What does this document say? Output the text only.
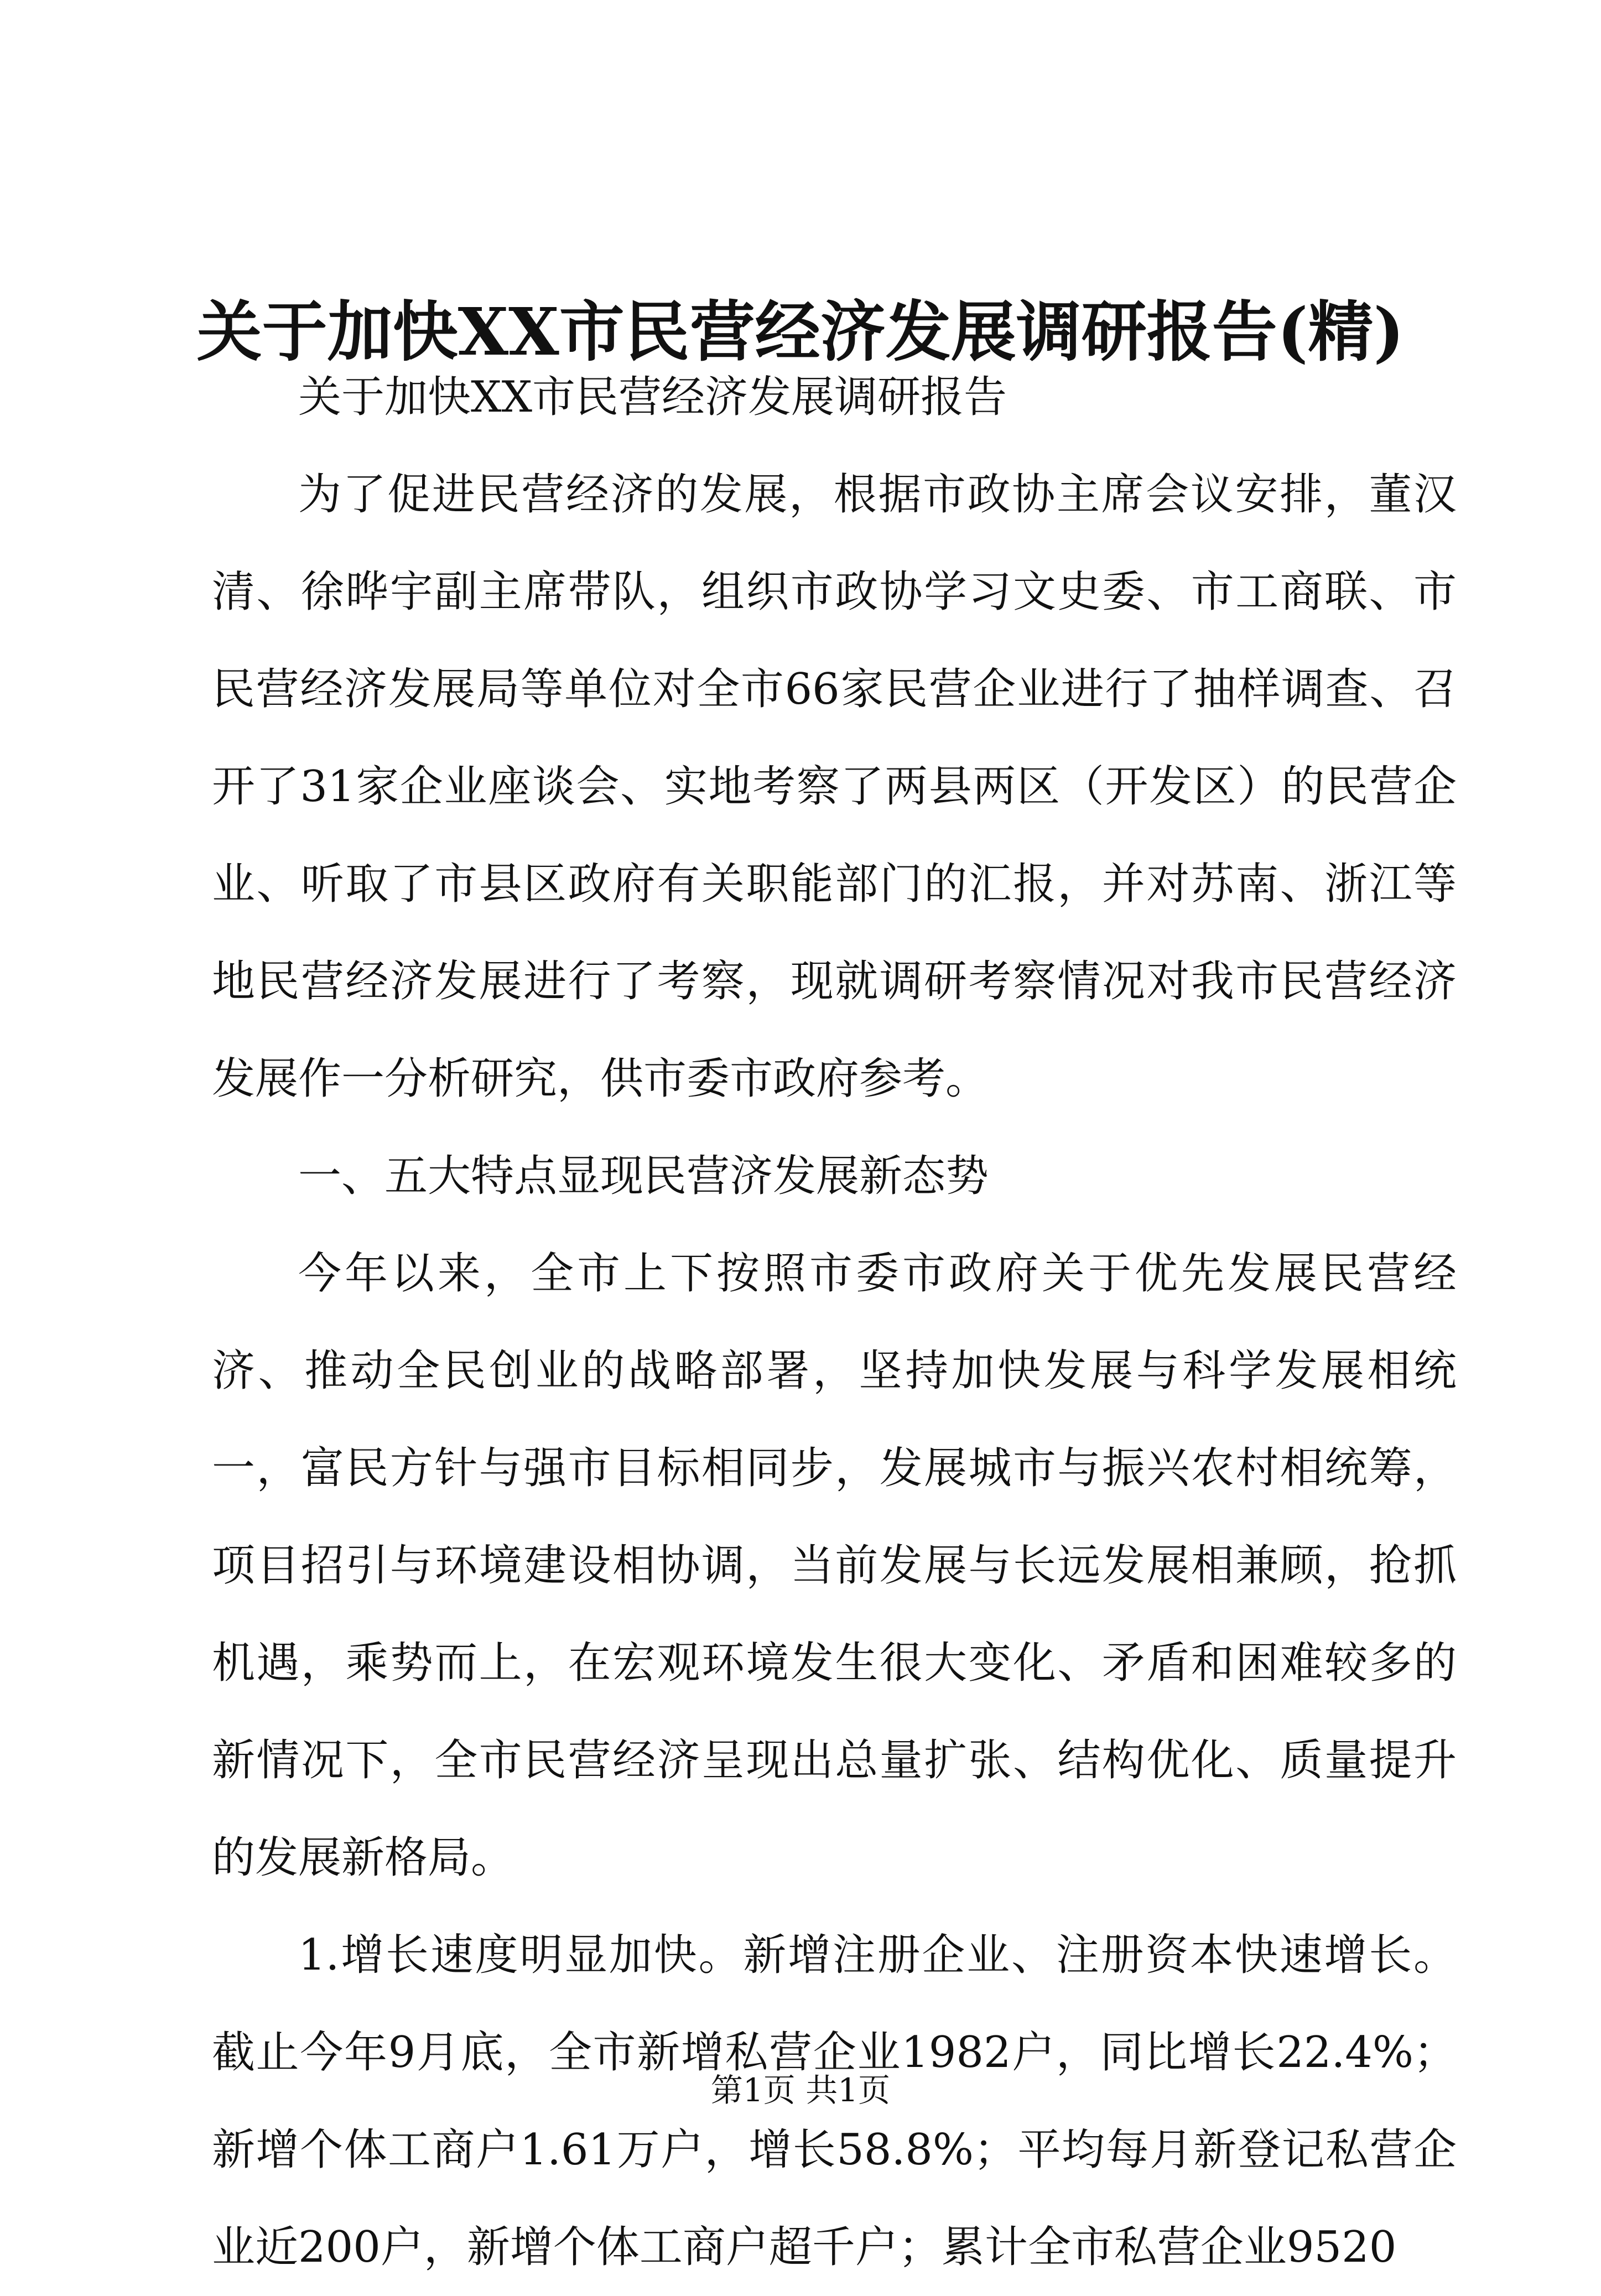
关于加快XX市民营经济发展调研报告(精)

关于加快XX市民营经济发展调研报告

为了促进民营经济的发展，根据市政协主席会议安排，董汉清、徐晔宇副主席带队，组织市政协学习文史委、市工商联、市民营经济发展局等单位对全市66家民营企业进行了抽样调查、召开了31家企业座谈会、实地考察了两县两区（开发区）的民营企业、听取了市县区政府有关职能部门的汇报，并对苏南、浙江等地民营经济发展进行了考察，现就调研考察情况对我市民营经济发展作一分析研究，供市委市政府参考。

一、五大特点显现民营济发展新态势

今年以来，全市上下按照市委市政府关于优先发展民营经济、推动全民创业的战略部署，坚持加快发展与科学发展相统一，富民方针与强市目标相同步，发展城市与振兴农村相统筹，项目招引与环境建设相协调，当前发展与长远发展相兼顾，抢抓机遇，乘势而上，在宏观环境发生很大变化、矛盾和困难较多的新情况下，全市民营经济呈现出总量扩张、结构优化、质量提升的发展新格局。

1.增长速度明显加快。新增注册企业、注册资本快速增长。截止今年9月底，全市新增私营企业1982户，同比增长22.4%；新增个体工商户1.61万户，增长58.8%；平均每月新登记私营企业近200户，新增个体工商户超千户；累计全市私营企业9520

第1页 共1页
